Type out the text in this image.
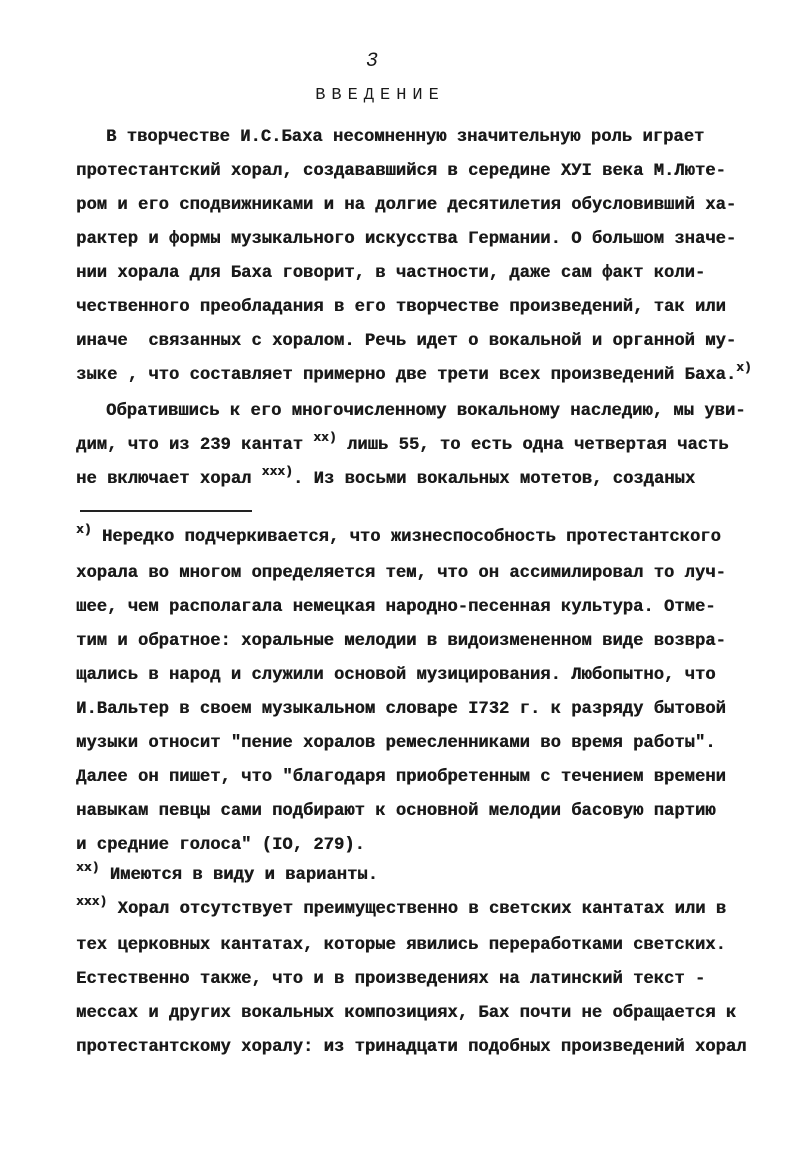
3
ВВЕДЕНИЕ
В творчестве И.С.Баха несомненную значительную роль играет
протестантский хорал, создававшийся в середине ХУI века М.Люте-
ром и его сподвижниками и на долгие десятилетия обусловивший ха-
рактер и формы музыкального искусства Германии. О большом значе-
нии хорала для Баха говорит, в частности, даже сам факт коли-
чественного преобладания в его творчестве произведений, так или
иначе  связанных с хоралом. Речь идет о вокальной и органной му-
зыке , что составляет примерно две трети всех произведений Баха.$^{х)}$
Обратившись к его многочисленному вокальному наследию, мы уви-
дим, что из 239 кантат $^{хх)}$ лишь 55, то есть одна четвертая часть
не включает хорал $^{ххх)}$. Из восьми вокальных мотетов, созданых
$^{х)}$ Нередко подчеркивается, что жизнеспособность протестантского
хорала во многом определяется тем, что он ассимилировал то луч-
шее, чем располагала немецкая народно-песенная культура. Отме-
тим и обратное: хоральные мелодии в видоизмененном виде возвра-
щались в народ и служили основой музицирования. Любопытно, что
И.Вальтер в своем музыкальном словаре I732 г. к разряду бытовой
музыки относит "пение хоралов ремесленниками во время работы".
Далее он пишет, что "благодаря приобретенным с течением времени
навыкам певцы сами подбирают к основной мелодии басовую партию
и средние голоса" (IO, 279).
$^{хх)}$ Имеются в виду и варианты.
$^{ххх)}$ Хорал отсутствует преимущественно в светских кантатах или в
тех церковных кантатах, которые явились переработками светских.
Естественно также, что и в произведениях на латинский текст -
мессах и других вокальных композициях, Бах почти не обращается к
протестантскому хоралу: из тринадцати подобных произведений хорал
